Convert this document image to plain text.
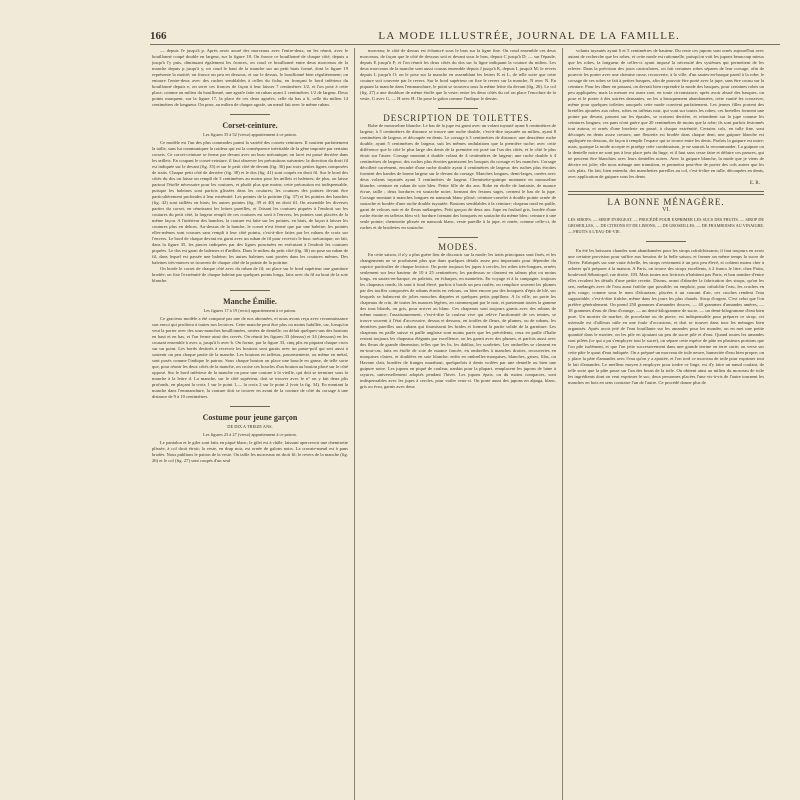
166	LA MODE ILLUSTRÉE, JOURNAL DE LA FAMILLE.

— depuis l'e jusqu'à p. Après avoir aouré des morceaux avec l'entre-deux, on les réunit, avec le bouillonné coupé double en largeur, sur la figure 18. On fronce ce bouillonné de chaque côté, depuis a jusqu'à l'y puis, diminuant également les fronces, on coud ce bouillonné entre deux morceaux de la manche depuis p jusqu'à y, on coud le haut de la manche sur un petit biais formé, dont la figure 19 représente la moitié; on fronce un peu en dessous, et sur le dessus, le bouillonné bien régulièrement; on entoure l'entre-deux avec des ruches semblables à celles du fichu, en fronçant le bord inférieur du bouillonné depuis e, on serre ces fronces de façon à leur laisser 7 centimètres 1/2, et l'on pose à cette place, comme au milieu du bouillonné, une agrafe faite en ruban ayant 2 centimètres 1/2 de largeur. Deux points marquent, sur la figure 17, la place de ces deux agrafes; celle du bas a 6, celle du milieu 14 centimètres de longueur. On pose, au milieu de chaque agrafe, un nœud fait avec le même ruban.

Corset-ceinture.
Les figures 35 à 52 (verso) appartiennent à ce patron.

Ce modèle est l'un des plus commodes parmi la variété des corsets-ceintures. Il soutient parfaitement la taille, sans lui communiquer la roideur qui est la conséquence inévitable de la gêne imposée par certains corsets. Ce corset-ceinture se ferme par devant avec un busc mécanique; on lacet est passé derrière dans les œillets. En coupant le corset-ceinture, il faut observer les précautions suivantes: la direction du droit fil est indiquée sur le devant (fig. 35) et sur le petit côté de devant (fig. 36) par trois petites lignes composées de traits. Chaque petit côté de derrière (fig. 38) et le dos (fig. 41) sont coupés en droit fil. Sur le bord des côtés du dos on laisse un rempli de 3 centimètres au moins pour les œillets et baleines; de plus, on laisse partout l'étoffe nécessaire pour les coutures, et plutôt plus que moins; cette précaution est indispensable, puisque les baleines sont parfois glissées dans les coutures; les coutures des pointes devant être particulièrement profondes à leur extrémité. Les pointes de la poitrine (fig. 37) et les pointes des hanches (fig. 42) sont taillées en biais; les autres pointes (fig. 39 et 40) en droit fil. On assemble les diverses parties du corset, en réunissant les lettres pareilles, et l'aisant les coutures piquées à l'endroit sur les coutures du petit côté, la largeur rempli de ces coutures est sorti à l'envers; les pointes sont placées de la même façon. A l'intérieur des hanches, la couture est faite sur les pointes, en biais, de façon à laisser les coutures plus en dehors. Au-dessus de la hanche, le corset n'est fermé que par une baleine; les pointes elles-mêmes sont cousues sans rempli à leur côté pointu, c'est-à-dire faites par les rubans de croix sur l'envers. Le bord de chaque devant est garni avec un ruban de fil pour recevoir le busc mécanique; on fait, dans la figure 35, les pinces indiquées par des lignes ponctuées en exécutant à l'endroit les coutures piquées. Le dos est garni de baleines et d'œillets. Dans le milieu du petit côté (fig. 36) on pose un ruban de fil, dans lequel est passée une baleine; les autres baleines sont posées dans les coutures mêmes. Des baleines très-minces se trouvent de chaque côté de la pointe de la poitrine.

On borde le corset de chaque côté avec du ruban de fil; on place sur le bord supérieur une garniture brodée; on fixe l'extrémité de chaque baleine par quelques points longs, faits avec du fil au bout de la soie blanche.

Manche Émilie.
Les figures 17 à 19 (recto) appartiennent à ce patron.

Ce gracieux modèle a été composé par une de nos abonnées, et nous avons reçu avec reconnaissance son envoi qui profitera à toutes nos lectrices. Cette manche peut être plus ou moins habillée, car, lorsqu'on veut la porter avec des sous-manches bouillonnées, ornées de dentelle, on défait quelques-uns des boutons en haut et en bas, et l'on ferme ainsi des crevés. On réunit les figures 33 (dessus) et 34 (dessous) en les cousant ensemble à avec a, jusqu'à b avec b. On forme, par la figure 33, cinq plis en piquant chaque croix sur un point. Les bords destinés à recevoir les boutons sont garnis avec un passe-poil qui sert aussi à soutenir un peu chaque partie de la manche. Les boutons en taffetas, passementerie, ou même en métal, sont posés comme l'indique le patron. Sous chaque bouton on place une boucle en ganse, de telle sorte que, pour réunir les deux côtés de la manche, on croise ces boucles d'un bouton au bouton placé sur le côté opposé. Sur le bord inférieur de la manche on pose une couture à la vieille, qui doit se terminer sous la manche à la lettre d. La manche, sur le côté supérieur, doit se trouver avec le n° on y fait deux plis profonds, en plaçant la croix 1 sur le point 1,— la croix 2 sur le point 2 (voir la fig. 34). En montant la manche dans l'emmanchure, la couture doit se trouver en avant de la couture de côté du corsage à une distance de 9 à 10 centimètres.

Costume pour jeune garçon
DE DIX A TREIZE ANS.
Les figures 23 à 27 (verso) appartiennent à ce patron.

Le pantalon et le gilet sont faits en piqué blanc; le gilet est à châle, laissant apercevoir une chemisette plissée, à col droit étroit; la veste, en drap noir, est ornée de galons noirs. La cravate-nœud est à pans brodés. Nous publions le patron de la veste. On taille les morceaux en droit fil; le revers de la manche (fig. 26) et le col (fig. 27) sont coupés d'un seul

morceau; le côté de dessus est échancré sous le bras sur la ligne fine. On coud ensemble ces deux morceaux, de façon que le côté de dessous soit et devant sous le bras, depuis C jusqu'à D; — sur l'épaule, depuis E jusqu'à F; et l'on réunit les deux côtés du dos sur la ligne indiquant la couture du milieu. Les deux morceaux de la manche sont aussi cousus ensemble depuis J jusqu'à K, depuis L jusqu'à M; le revers depuis L jusqu'à O; on le pose sur la manche en assemblant les lettres K et L, de telle sorte que cette couture soit couverte par le revers. Sur le bord supérieur on fixe le revers sur la manche, N avec N. En piquant la manche dans l'emmanchure, le point se trouvera sous la même lettre du devant (fig. 26). Le col (fig. 27) a une doublure de même étoffe que la veste; entre les deux côtés du col on place l'encolure de la veste, G avec G, — H avec H. On pose le galon comme l'indique le dessin.

DESCRIPTION DE TOILETTES.

Robe de mousseline blanche. Le bas de la jupe est garni avec un volant tuyauté ayant 6 centimètres de largeur; à 5 centimètres de distance se trouve une ruche double, c'est-à-dire tuyautée au milieu, ayant 8 centimètres de largeur, et découpée en dents. Le corsage à 3 centimètres de distance; une deuxième ruche double, ayant 5 centimètres de largeur, suit les mêmes ondulations que la première ruche; avec cette différence que le côté le plus large des dents de la première est posé sur l'un des côtés, et le côté le plus étroit sur l'autre. Corsage montant à double volant de 4 centimètres de largeur; une ruche double à 4 centimètres de largeur; des ruches plus étroites garnissent les basques du corsage et les manches. Corsage décolleté carrément, encadré d'une ruche double ayant 4 centimètres de largeur; des ruches plus étroites forment des bandes de bonne largeur sur le devant du corsage. Manches longues, demi-larges, ornées avec deux volants tuyautés ayant 3 centimètres de largeur. Chemisette-guimpe montante en mousseline blanche; ceinture en ruban de soie bleu. Petite fille de dix ans. Robe en étoffe de fantaisie, de nuance écrue, taille ; deux bordures en soutache noire, formant des festons sages, cernent le bas de la jupe. Corsage montant à manches longues en nansouk blanc plissé; ceinture-corselet à double pointe ornée de soutache et bordée d'une ruche double tuyautée. Boutons semblables à la ceinture; chapeau rond en paille, garni de velours noir et de fleurs mélangées. Petit garçon de deux ans. Jupe en foulard gris, bordée d'une ruche étroite en taffetas bleu vif; bordure formant des bouquets en soutache du même bleu; ceinture à une seule pointe; chemisette plissée en nansouk blanc, veste pareille à la jupe, et ornée, comme celle-ci, de ruches et de broderies en soutache.

MODES.

En cette saison, il n'y a plus guère lieu de discourir sur la mode; les traits principaux sont fixés, et les changements ne se produisent plus que dans quelques détails assez peu importants pour dépendre du caprice particulier de chaque lectrice. On porte toujours les jupes à cercles, les robes très-longues, ornées seulement sur leur hauteur de 10 à 25 centimètres; les pardessus se classent en talmas plus ou moins longs, en sautes-en-barque, en paletots, en écharpes, en mantelets. En voyage et à la campagne, toujours les chapeaux ronds; ils sont à fond élevé, parfois à bords un peu roulés; on remplace souvent les plumes par des touffes composées de rubans étroits en velours, ou bien encore par des bouquets d'épis de blé, sur lesquels se balancent de jolies mouches diaprées et quelques petits papillons. A la ville, on porte les chapeaux de crin, de toutes les nuances légères, en commençant par le noir, et parsemant toutes la gamme des tons blonds, on gris, pour arriver au blanc. Ces chapeaux sont toujours garnis avec des rubans de même nuance; l'assaisonnement, c'est-à-dire la couleur vive qui relève l'uniformité de ces teintes, se trouve souvent à l'état d'accessoire, dessus et dessous, en touffes de fleurs, de plumes, ou de rubans, les dernières pareilles aux rubans qui fournissent les brides et forment la partie solide de la garniture. Les chapeaux en paille suisse et paille anglaise sont moins parés que les précédents; ceux en paille d'Italie restent toujours les chapeaux élégants par excellence; on les garnit avec des plumes, et parfois aussi avec des fleurs de grande dimension, telles que les lis, les dahlias, les scarlettes. Les ombrelles se classent en en-tout-cas, faits en étoffe de soie de nuance foncée, en ombrelles à manches droites, recouvertes en marquises claires, et doublées en soie blanche; enfin en ombrelles-marquises, blanches, grises, lilas, ou Havane clair, bordées de franges marabout, quelquefois à dents voilées par une dentelle ou bien une guipure noire. Les jupons en piqué de couleur, nankin pour la plupart, remplacent les jupons de laine à rayures, universellement adoptés pendant l'hiver. Les jupons épais, ou du moins compactes, sont indispensables avec les jupes à cercles, pour voiler ceux-ci. On porte aussi des jupons en alpaga, blanc, gris ou écru, garnis avec deux

volants tuyautés ayant 6 et 5 centimètres de hauteur. Du reste ces jupons sont ornés aujourd'hui avec autant de recherche que les robes, et cette mode est rationnelle, puisqu'on voit les jupons beaucoup mieux que les robes, la longueur de celles-ci ayant imposé la nécessité des systèmes qui permettent de les relever. Dans la prévision des jours caniculaires, on fait certaines robes sépares de leur corsage, afin de pouvoir les porter avec une chemise russe, recouverte, à la ville, d'un sautes-en-barque pareil à la robe; le corsage de ces robes se fait à petites basques, afin de pouvoir être porté avec la jupe, sans être cousu sur la ceinture. Pour les dîner en passant, on devrait bien reprendre la mode des basques, pour certaines robes un peu appliquées; mais la mesure est assez rare, en toute circonstance; après avoir abusé des basques, on pose et le porter à des soirées dansantes, on les a brusquement abandonnées, cette vanité les conserver, même pour quelques toilettes auxquels cette mode convient parfaitement. Les jeunes filles portent des bretelles ajourées aux robes, robes en taffetas noir, qui vont sur toutes les robes; ces bretelles forment une pointe par devant, passent sur les épaules, se croisent derrière, et retombent sur la jupe comme les ceintures longues; ces pans n'ont guère que 20 centimètres de moins que la robe; ils sont parfois festonnés tout autour, et ornés d'une broderie en passé, à chaque extrémité. Certains cols, en tulle fine, sont découpés en dents assez creuses; une fleurette est brodée dans chaque dent; une guipure blanche est appliquée en dessous, de façon à remplir l'espace qui se trouve entre les dents. Parfois la guipure est noire; mais, quoique la mode accepte et protège cette combinaison, je ne saurais la recommander. La guipure ou la dentelle noire ne sont pas à leur place près du linge, et il faut sans cesse faire et défaire ces parures, qui ne peuvent être blanchies avec leurs dentelles noires. Avec la guipure blanche, la mode que je viens de décrire est jolie; elle nous ménage une transition, et permettra peut-être de porter des cols autres que les cols plats. On fait, bien entendu, des manchettes pareilles au col, c'est-à-dire en tulle, découpées en dents, avec application de guipure sous les dents.

E. R.
LA BONNE MÉNAGÈRE.
VI.

LES SIROPS. — SIROP D'ORGEAT. — PROCÉDÉ POUR EXPRIMER LES SUCS DES FRUITS. — SIROP DE GROSEILLES, — DE CITRONS ET DE LIMONS, — DE GROSEILLES, — DE FRAMBOISES AU VINAIGRE. — FRUITS A L'EAU-DE-VIE.

En été les boissons chaudes sont abandonnées pour les sirops rafraîchissants; il faut toujours en avoir une certaine provision pour suffire aux besoins de la belle saison, et former un même temps la sucre de l'hiver. Fabriqués sur une vaste échelle, les sirops reviennent à un prix peu élevé, et coûtent moins cher à acheter qu'à préparer à la maison. A Paris, on trouve des sirops excellents, à 2 francs le litre, chez Potin, boulevard Sébastopol, rue droite, 103. Mais toutes nos lectrices n'habitent pas Paris, et bon nombre d'entre elles reculent les détails d'une petite recette. Disons, avant d'aborder la fabrication des sirops, qu'on les sert, mélangés avec de l'eau aussi fraîche que possible; on emploie, pour rafraîchir l'eau, les cruches en grès rouge, comme sous le nom d'alcarazas; placées à un courant d'air, ces cruches rendent l'eau supportable, c'est-à-dire fraîche, même dans les jours les plus chauds. Sirop d'orgeat. C'est celui que l'on préfère généralement. On prend 250 grammes d'amandes douces, — 40 grammes d'amandes amères, — 18 grammes d'eau de fleur d'orange, — un demi-kilogramme de sucre, — un demi-kilogramme d'eau bien pure. Un mortier de marbre, de porcelaine ou de pierre, est indispensable pour préparer ce sirop; cet ustensile est d'ailleurs utile en une foule d'occasions, et doit se trouver dans tous les ménages bien organisés. Après avoir jeté de l'eau bouillante sur les amandes pour les monder, on en met une petite quantité dans le mortier, on les pile en ajoutant un peu de sucre pilé et d'eau. Quand toutes les amandes sont pilées (ce qui a pu s'employer tout le sucre), on sépare cette espèce de pâte en plusieurs portions que l'on pile isolément, et que l'on jette successivement dans une grande terrine en terre cuite; on verse sur cette pâte le quart d'eau indiquée. On a préparé un morceau de toile neuve, humectée d'eau bien propre; on y place la pâte d'amandes avec l'eau qu'on y a ajoutée, et l'on tord ce morceau de toile pour exprimer tout le lait d'amandes. Le meilleur moyen à employer pour tordre ce linge, est d'y faire un nœud coulant, de telle sorte que la pâte passe sur l'un des bouts de la toile. On obtient ainsi au milieu du morceau de toile les ingrédients dont on veut exprimer le suc, deux personnes placées l'une vis-à-vis de l'autre tournent les manches en bois en sens contraire l'un de l'autre. Ce procédé donne plus de
